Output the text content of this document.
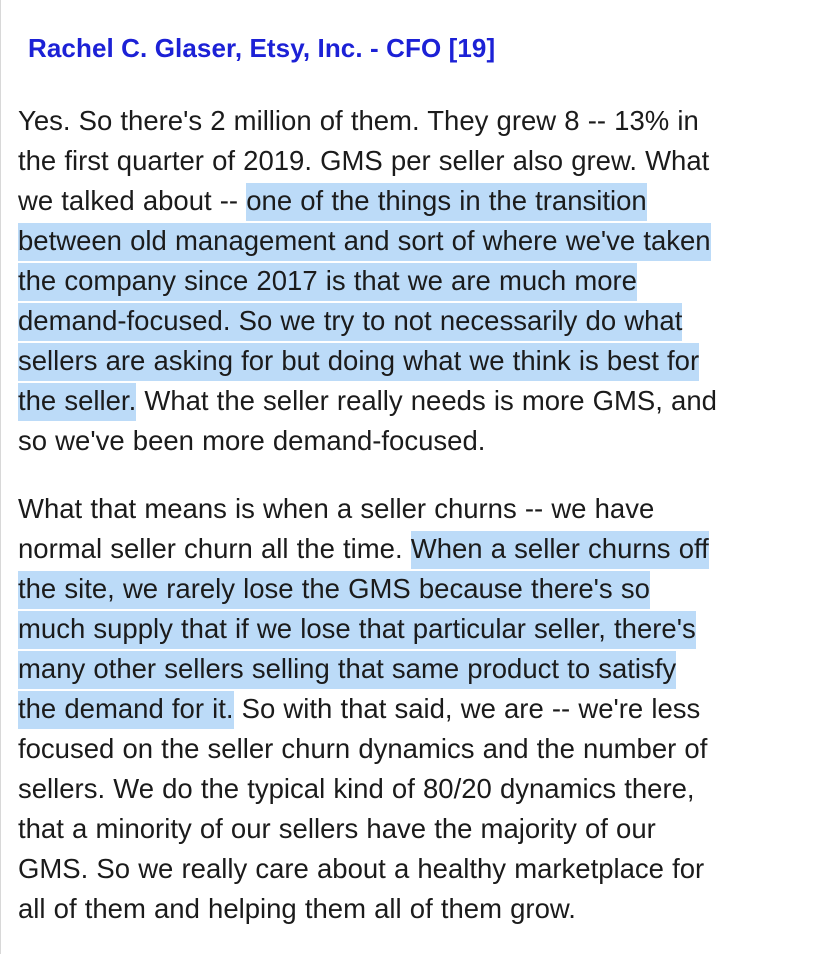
Rachel C. Glaser, Etsy, Inc. - CFO [19]

Yes. So there's 2 million of them. They grew 8 -- 13% in
the first quarter of 2019. GMS per seller also grew. What
we talked about -- one of the things in the transition
between old management and sort of where we've taken
the company since 2017 is that we are much more
demand-focused. So we try to not necessarily do what
sellers are asking for but doing what we think is best for
the seller. What the seller really needs is more GMS, and
so we've been more demand-focused.

What that means is when a seller churns -- we have
normal seller churn all the time. When a seller churns off
the site, we rarely lose the GMS because there's so
much supply that if we lose that particular seller, there's
many other sellers selling that same product to satisfy
the demand for it. So with that said, we are -- we're less
focused on the seller churn dynamics and the number of
sellers. We do the typical kind of 80/20 dynamics there,
that a minority of our sellers have the majority of our
GMS. So we really care about a healthy marketplace for
all of them and helping them all of them grow.
